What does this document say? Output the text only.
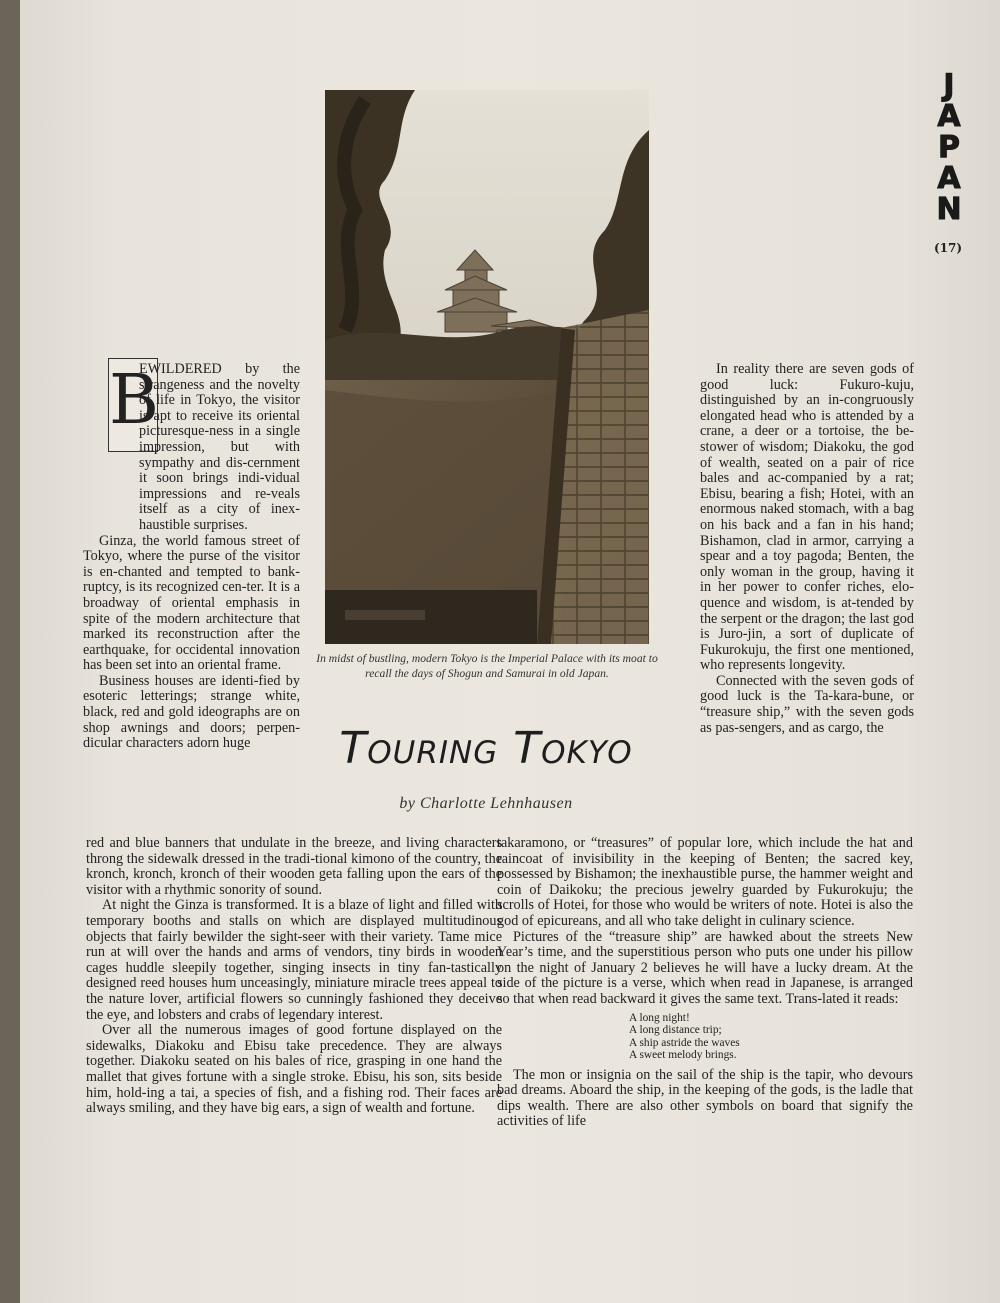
J
A
P
A
N
(17)
In midst of bustling, modern Tokyo is the Imperial Palace with its moat to recall the days of Shogun and Samurai in old Japan.
Touring Tokyo
by Charlotte Lehnhausen
B

EWILDERED by the strangeness and the novelty of life in Tokyo, the visitor is apt to receive its oriental picturesque-ness in a single impression, but with sympathy and dis-cernment it soon brings indi-vidual impressions and re-veals itself as a city of inex-haustible surprises.

Ginza, the world famous street of Tokyo, where the purse of the visitor is en-chanted and tempted to bank-ruptcy, is its recognized cen-ter. It is a broadway of oriental emphasis in spite of the modern architecture that marked its reconstruction after the earthquake, for occidental innovation has been set into an oriental frame.

Business houses are identi-fied by esoteric letterings; strange white, black, red and gold ideographs are on shop awnings and doors; perpen-dicular characters adorn huge

In reality there are seven gods of good luck: Fukuro-kuju, distinguished by an in-congruously elongated head who is attended by a crane, a deer or a tortoise, the be-stower of wisdom; Diakoku, the god of wealth, seated on a pair of rice bales and ac-companied by a rat; Ebisu, bearing a fish; Hotei, with an enormous naked stomach, with a bag on his back and a fan in his hand; Bishamon, clad in armor, carrying a spear and a toy pagoda; Benten, the only woman in the group, having it in her power to confer riches, elo-quence and wisdom, is at-tended by the serpent or the dragon; the last god is Juro-jin, a sort of duplicate of Fukurokuju, the first one mentioned, who represents longevity.

Connected with the seven gods of good luck is the Ta-kara-bune, or “treasure ship,” with the seven gods as pas-sengers, and as cargo, the

red and blue banners that undulate in the breeze, and living characters throng the sidewalk dressed in the tradi-tional kimono of the country, the kronch, kronch, kronch of their wooden geta falling upon the ears of the visitor with a rhythmic sonority of sound.

At night the Ginza is transformed. It is a blaze of light and filled with temporary booths and stalls on which are displayed multitudinous objects that fairly bewilder the sight-seer with their variety. Tame mice run at will over the hands and arms of vendors, tiny birds in wooden cages huddle sleepily together, singing insects in tiny fan-tastically designed reed houses hum unceasingly, miniature miracle trees appeal to the nature lover, artificial flowers so cunningly fashioned they deceive the eye, and lobsters and crabs of legendary interest.

Over all the numerous images of good fortune displayed on the sidewalks, Diakoku and Ebisu take precedence. They are always together. Diakoku seated on his bales of rice, grasping in one hand the mallet that gives fortune with a single stroke. Ebisu, his son, sits beside him, hold-ing a tai, a species of fish, and a fishing rod. Their faces are always smiling, and they have big ears, a sign of wealth and fortune.

takaramono, or “treasures” of popular lore, which include the hat and raincoat of invisibility in the keeping of Benten; the sacred key, possessed by Bishamon; the inexhaustible purse, the hammer weight and coin of Daikoku; the precious jewelry guarded by Fukurokuju; the scrolls of Hotei, for those who would be writers of note. Hotei is also the god of epicureans, and all who take delight in culinary science.

Pictures of the “treasure ship” are hawked about the streets New Year’s time, and the superstitious person who puts one under his pillow on the night of January 2 believes he will have a lucky dream. At the side of the picture is a verse, which when read in Japanese, is arranged so that when read backward it gives the same text. Trans-lated it reads:

A long night!
A long distance trip;
A ship astride the waves
A sweet melody brings.

The mon or insignia on the sail of the ship is the tapir, who devours bad dreams. Aboard the ship, in the keeping of the gods, is the ladle that dips wealth. There are also other symbols on board that signify the activities of life
